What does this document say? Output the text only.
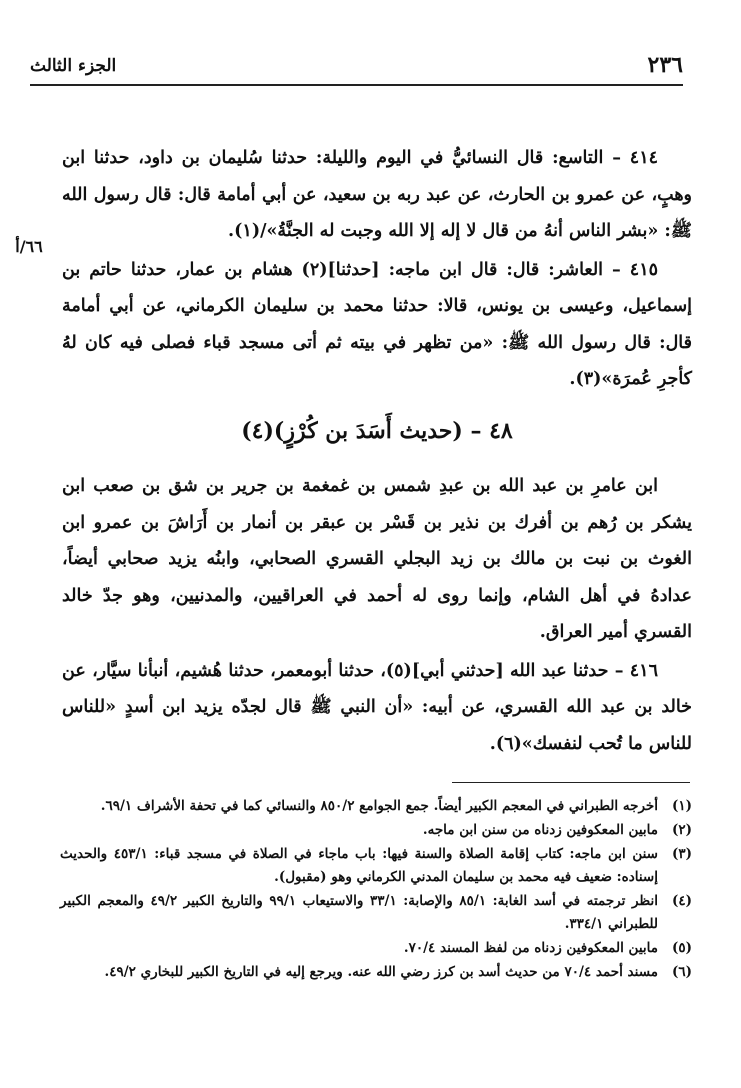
٢٣٦
الجزء الثالث
٦٦/أ

٤١٤ – التاسع: قال النسائيُّ في اليوم والليلة: حدثنا سُليمان بن داود، حدثنا ابن وهبٍ، عن عمرو بن الحارث، عن عبد ربه بن سعيد، عن أبي أمامة قال: قال رسول الله ﷺ: «بشر الناس أنهُ من قال لا إله إلا الله وجبت له الجنَّةُ»/(١).

٤١٥ – العاشر: قال: قال ابن ماجه: [حدثنا](٢) هشام بن عمار، حدثنا حاتم بن إسماعيل، وعيسى بن يونس، قالا: حدثنا محمد بن سليمان الكرماني، عن أبي أمامة قال: قال رسول الله ﷺ: «من تظهر في بيته ثم أتى مسجد قباء فصلى فيه كان لهُ كأجرِ عُمرَة»(٣).

٤٨ – (حديث أَسَدَ بن كُرْزٍ)(٤)

ابن عامرِ بن عبد الله بن عبدِ شمس بن غمغمة بن جرير بن شق بن صعب ابن يشكر بن رُهم بن أفرك بن نذير بن قَسْر بن عبقر بن أنمار بن أَرَاشَ بن عمرو ابن الغوث بن نبت بن مالك بن زيد البجلي القسري الصحابي، وابنُه يزيد صحابي أيضاً، عدادهُ في أهل الشام، وإنما روى له أحمد في العراقيين، والمدنيين، وهو جدّ خالد القسري أمير العراق.

٤١٦ – حدثنا عبد الله [حدثني أبي](٥)، حدثنا أبومعمر، حدثنا هُشيم، أنبأنا سيَّار، عن خالد بن عبد الله القسري، عن أبيه: «أن النبي ﷺ قال لجدّه يزيد ابن أسدٍ «للناس للناس ما تُحب لنفسك»(٦).

(١)
أخرجه الطبراني في المعجم الكبير أيضاً. جمع الجوامع ٨٥٠/٢ والنسائي كما في تحفة الأشراف ٦٩/١.
(٢)
مابين المعكوفين زدناه من سنن ابن ماجه.
(٣)
سنن ابن ماجه: كتاب إقامة الصلاة والسنة فيها: باب ماجاء في الصلاة في مسجد قباء: ٤٥٣/١ والحديث إسناده: ضعيف فيه محمد بن سليمان المدني الكرماني وهو (مقبول).
(٤)
انظر ترجمته في أسد الغابة: ٨٥/١ والإصابة: ٣٣/١ والاستيعاب ٩٩/١ والتاريخ الكبير ٤٩/٢ والمعجم الكبير للطبراني ٣٣٤/١.
(٥)
مابين المعكوفين زدناه من لفظ المسند ٧٠/٤.
(٦)
مسند أحمد ٧٠/٤ من حديث أسد بن كرز رضي الله عنه. ويرجع إليه في التاريخ الكبير للبخاري ٤٩/٢.
